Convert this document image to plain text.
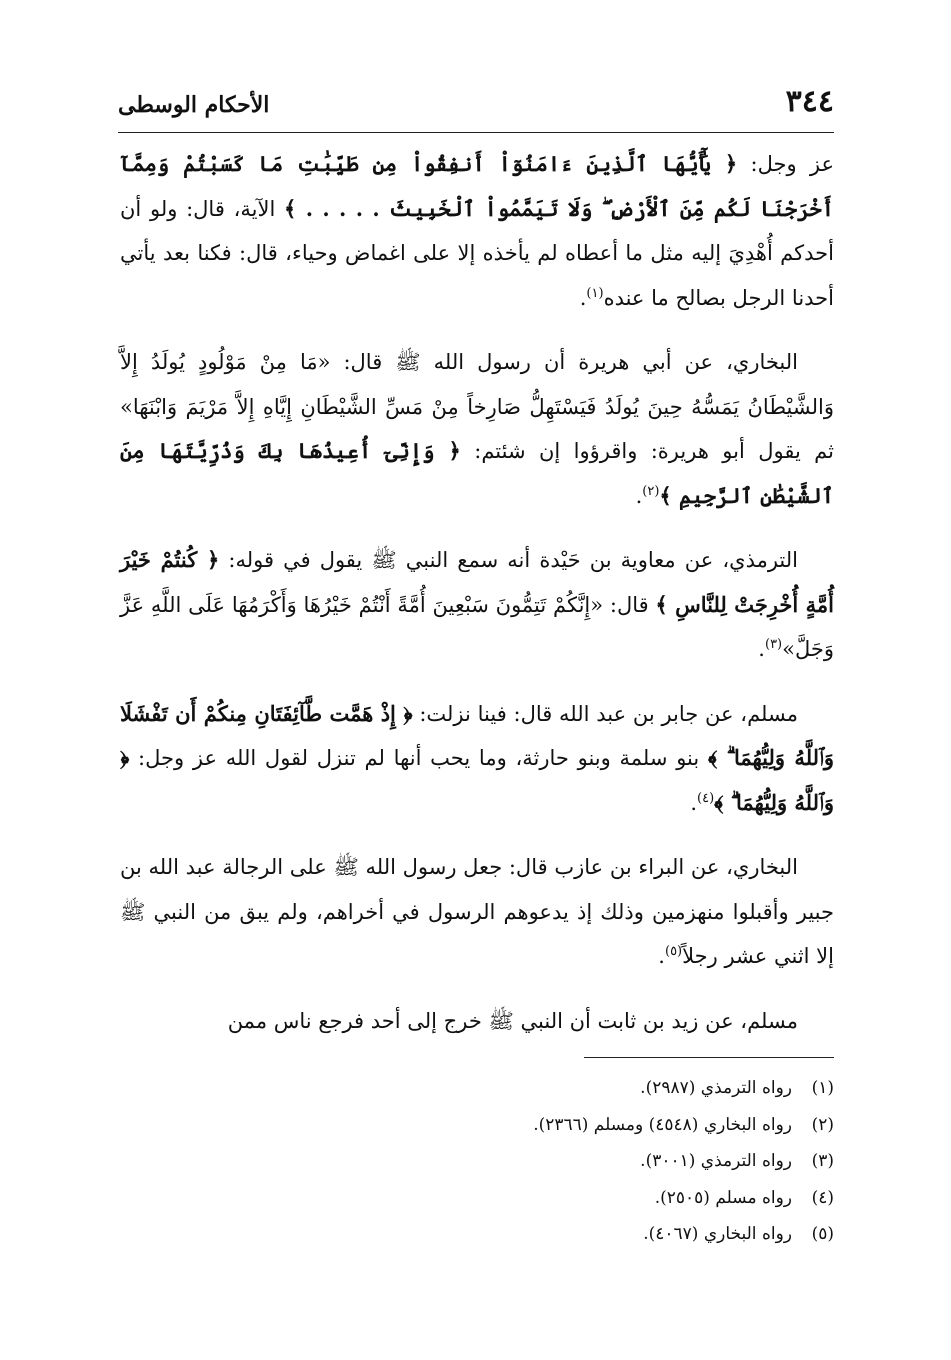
٣٤٤
الأحكام الوسطى

عز وجل: ﴿ يَٰٓأَيُّهَا ٱلَّذِينَ ءَامَنُوٓاْ أَنفِقُواْ مِن طَيِّبَٰتِ مَا كَسَبْتُمْ وَمِمَّآ أَخْرَجْنَا لَكُم مِّنَ ٱلْأَرْضِ ۖ وَلَا تَيَمَّمُواْ ٱلْخَبِيثَ . . . . . ﴾ الآية، قال: ولو أن أحدكم أُهْدِيَ إليه مثل ما أعطاه لم يأخذه إلا على اغماض وحياء، قال: فكنا بعد يأتي أحدنا الرجل بصالح ما عنده$^{(١)}$.

البخاري، عن أبي هريرة أن رسول الله ﷺ قال: «مَا مِنْ مَوْلُودٍ يُولَدُ إِلاَّ وَالشَّيْطَانُ يَمَسُّهُ حِينَ يُولَدُ فَيَسْتَهِلُّ صَارِخاً مِنْ مَسِّ الشَّيْطَانِ إِيَّاهِ إِلاَّ مَرْيَمَ وَابْنَهَا» ثم يقول أبو هريرة: واقرؤوا إن شئتم: ﴿ وَإِنِّىٓ أُعِيذُهَا بِكَ وَذُرِّيَّتَهَا مِنَ ٱلشَّيْطَٰنِ ٱلرَّجِيمِ ﴾$^{(٢)}$.

الترمذي، عن معاوية بن حَيْدة أنه سمع النبي ﷺ يقول في قوله: ﴿ كُنتُمْ خَيْرَ أُمَّةٍ أُخْرِجَتْ لِلنَّاسِ ﴾ قال: «إِنَّكُمْ تَتِمُّونَ سَبْعِينَ أُمَّةً أَنْتُمْ خَيْرُهَا وَأَكْرَمُهَا عَلَى اللَّهِ عَزَّ وَجَلَّ»$^{(٣)}$.

مسلم، عن جابر بن عبد الله قال: فينا نزلت: ﴿ إِذْ هَمَّت طَّآئِفَتَانِ مِنكُمْ أَن تَفْشَلَا وَٱللَّهُ وَلِيُّهُمَا ۗ ﴾ بنو سلمة وبنو حارثة، وما يحب أنها لم تنزل لقول الله عز وجل: ﴿ وَٱللَّهُ وَلِيُّهُمَا ۗ ﴾$^{(٤)}$.

البخاري، عن البراء بن عازب قال: جعل رسول الله ﷺ على الرجالة عبد الله بن جبير وأقبلوا منهزمين وذلك إذ يدعوهم الرسول في أخراهم، ولم يبق من النبي ﷺ إلا اثني عشر رجلاً$^{(٥)}$.

مسلم، عن زيد بن ثابت أن النبي ﷺ خرج إلى أحد فرجع ناس ممن

(١)
رواه الترمذي (٢٩٨٧).
(٢)
رواه البخاري (٤٥٤٨) ومسلم (٢٣٦٦).
(٣)
رواه الترمذي (٣٠٠١).
(٤)
رواه مسلم (٢٥٠٥).
(٥)
رواه البخاري (٤٠٦٧).
